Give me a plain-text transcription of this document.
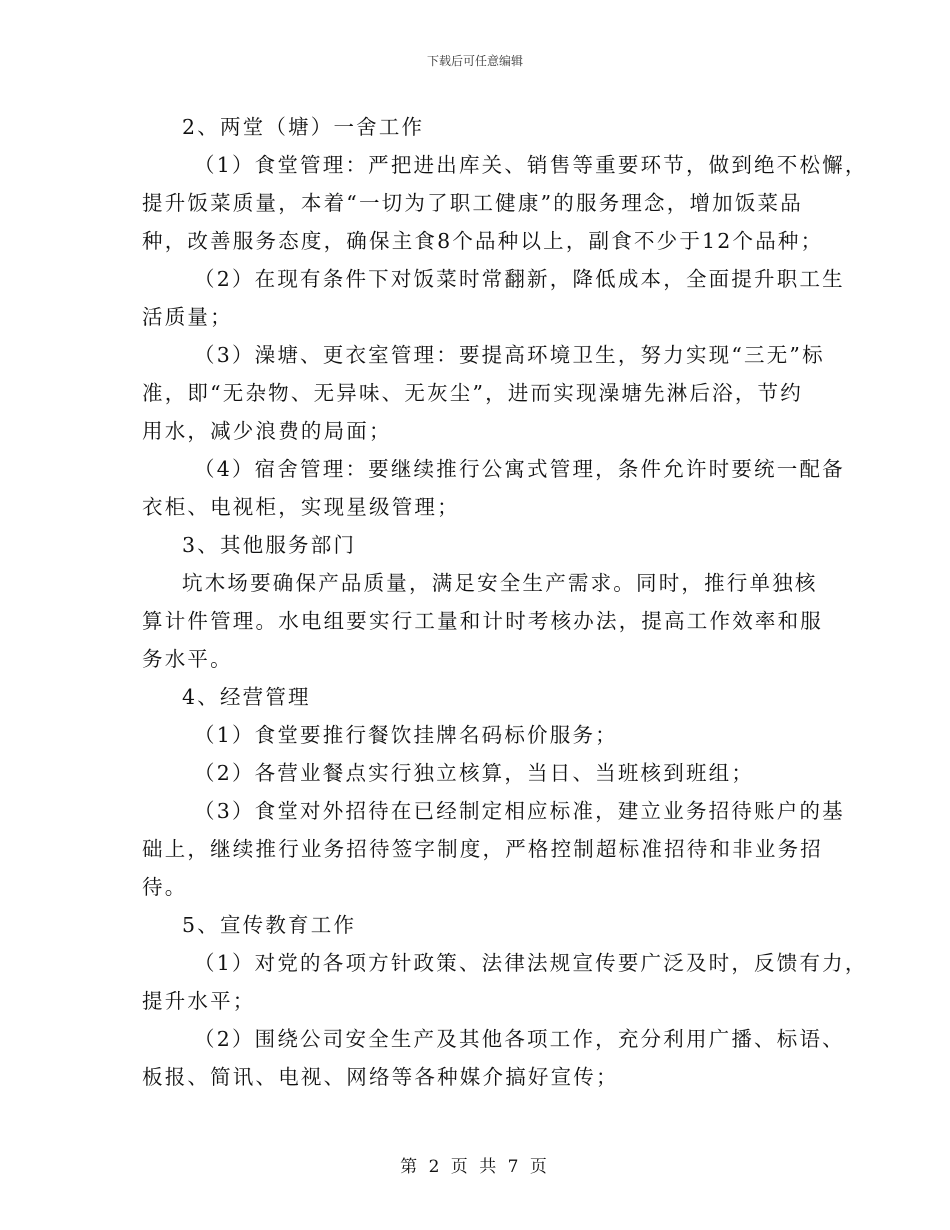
下载后可任意编辑
2、两堂（塘）一舍工作
（1）食堂管理：严把进出库关、销售等重要环节，做到绝不松懈，
提升饭菜质量，本着“一切为了职工健康”的服务理念，增加饭菜品
种，改善服务态度，确保主食8个品种以上，副食不少于12个品种；
（2）在现有条件下对饭菜时常翻新，降低成本，全面提升职工生
活质量；
（3）澡塘、更衣室管理：要提高环境卫生，努力实现“三无”标
准，即“无杂物、无异味、无灰尘”，进而实现澡塘先淋后浴，节约
用水，减少浪费的局面；
（4）宿舍管理：要继续推行公寓式管理，条件允许时要统一配备
衣柜、电视柜，实现星级管理；
3、其他服务部门
坑木场要确保产品质量，满足安全生产需求。同时，推行单独核
算计件管理。水电组要实行工量和计时考核办法，提高工作效率和服
务水平。
4、经营管理
（1）食堂要推行餐饮挂牌名码标价服务；
（2）各营业餐点实行独立核算，当日、当班核到班组；
（3）食堂对外招待在已经制定相应标准，建立业务招待账户的基
础上，继续推行业务招待签字制度，严格控制超标准招待和非业务招
待。
5、宣传教育工作
（1）对党的各项方针政策、法律法规宣传要广泛及时，反馈有力，
提升水平；
（2）围绕公司安全生产及其他各项工作，充分利用广播、标语、
板报、简讯、电视、网络等各种媒介搞好宣传；
第 2 页 共 7 页
